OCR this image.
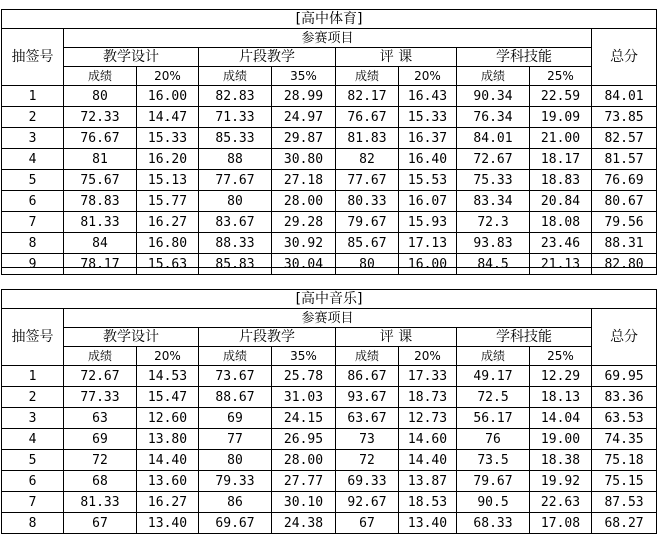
[高中体育]									
抽签号	参赛项目								总分
	教学设计		片段教学		评 课		学科技能		
	成绩	20%	成绩	35%	成绩	20%	成绩	25%	
1	80	16.00	82.83	28.99	82.17	16.43	90.34	22.59	84.01
2	72.33	14.47	71.33	24.97	76.67	15.33	76.34	19.09	73.85
3	76.67	15.33	85.33	29.87	81.83	16.37	84.01	21.00	82.57
4	81	16.20	88	30.80	82	16.40	72.67	18.17	81.57
5	75.67	15.13	77.67	27.18	77.67	15.53	75.33	18.83	76.69
6	78.83	15.77	80	28.00	80.33	16.07	83.34	20.84	80.67
7	81.33	16.27	83.67	29.28	79.67	15.93	72.3	18.08	79.56
8	84	16.80	88.33	30.92	85.67	17.13	93.83	23.46	88.31
9	78.17	15.63	85.83	30.04	80	16.00	84.5	21.13	82.80
[高中音乐]									
抽签号	参赛项目								总分
	教学设计		片段教学		评 课		学科技能		
	成绩	20%	成绩	35%	成绩	20%	成绩	25%	
1	72.67	14.53	73.67	25.78	86.67	17.33	49.17	12.29	69.95
2	77.33	15.47	88.67	31.03	93.67	18.73	72.5	18.13	83.36
3	63	12.60	69	24.15	63.67	12.73	56.17	14.04	63.53
4	69	13.80	77	26.95	73	14.60	76	19.00	74.35
5	72	14.40	80	28.00	72	14.40	73.5	18.38	75.18
6	68	13.60	79.33	27.77	69.33	13.87	79.67	19.92	75.15
7	81.33	16.27	86	30.10	92.67	18.53	90.5	22.63	87.53
8	67	13.40	69.67	24.38	67	13.40	68.33	17.08	68.27
